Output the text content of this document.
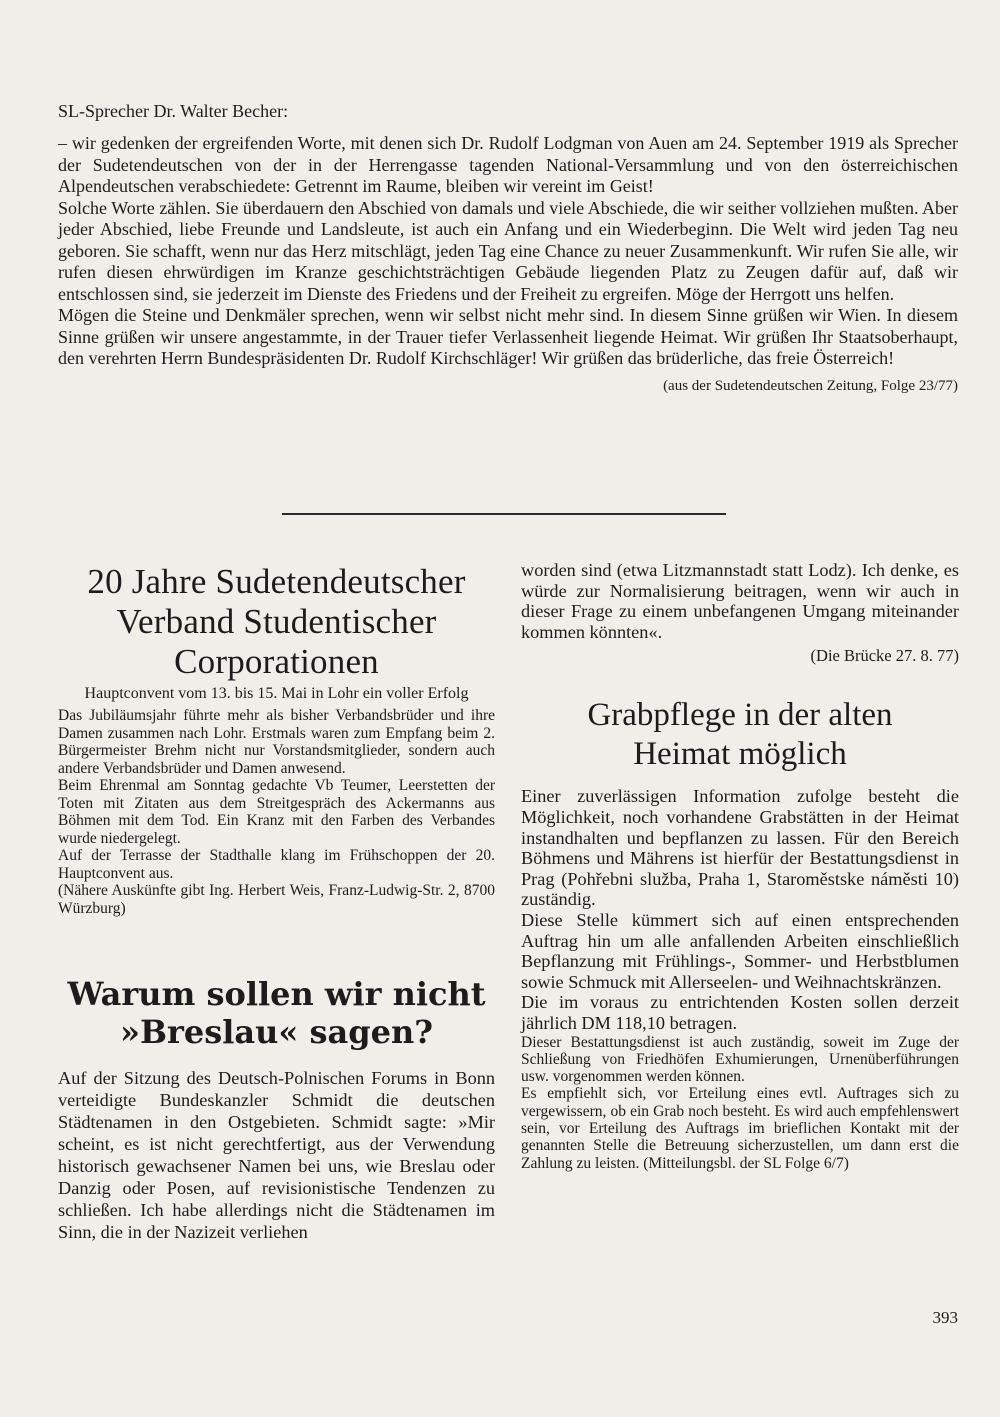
SL-Sprecher Dr. Walter Becher:

– wir gedenken der ergreifenden Worte, mit denen sich Dr. Rudolf Lodgman von Auen am 24. September 1919 als Sprecher der Sudetendeutschen von der in der Herrengasse tagenden National-Versammlung und von den österreichischen Alpendeutschen verabschiedete: Getrennt im Raume, bleiben wir vereint im Geist!

Solche Worte zählen. Sie überdauern den Abschied von damals und viele Abschiede, die wir seither vollziehen mußten. Aber jeder Abschied, liebe Freunde und Landsleute, ist auch ein Anfang und ein Wiederbeginn. Die Welt wird jeden Tag neu geboren. Sie schafft, wenn nur das Herz mitschlägt, jeden Tag eine Chance zu neuer Zusammenkunft. Wir rufen Sie alle, wir rufen diesen ehrwürdigen im Kranze geschichtsträchtigen Gebäude liegenden Platz zu Zeugen dafür auf, daß wir entschlossen sind, sie jederzeit im Dienste des Friedens und der Freiheit zu ergreifen. Möge der Herrgott uns helfen.

Mögen die Steine und Denkmäler sprechen, wenn wir selbst nicht mehr sind. In diesem Sinne grüßen wir Wien. In diesem Sinne grüßen wir unsere angestammte, in der Trauer tiefer Verlassenheit liegende Heimat. Wir grüßen Ihr Staatsoberhaupt, den verehrten Herrn Bundespräsidenten Dr. Rudolf Kirchschläger! Wir grüßen das brüderliche, das freie Österreich!

(aus der Sudetendeutschen Zeitung, Folge 23/77)

20 Jahre Sudetendeutscher Verband Studentischer Corporationen

Hauptconvent vom 13. bis 15. Mai in Lohr ein voller Erfolg

Das Jubiläumsjahr führte mehr als bisher Verbandsbrüder und ihre Damen zusammen nach Lohr. Erstmals waren zum Empfang beim 2. Bürgermeister Brehm nicht nur Vorstandsmitglieder, sondern auch andere Verbandsbrüder und Damen anwesend.

Beim Ehrenmal am Sonntag gedachte Vb Teumer, Leerstetten der Toten mit Zitaten aus dem Streitgespräch des Ackermanns aus Böhmen mit dem Tod. Ein Kranz mit den Farben des Verbandes wurde niedergelegt.

Auf der Terrasse der Stadthalle klang im Frühschoppen der 20. Hauptconvent aus.

(Nähere Auskünfte gibt Ing. Herbert Weis, Franz-Ludwig-Str. 2, 8700 Würzburg)

Warum sollen wir nicht
»Breslau« sagen?

Auf der Sitzung des Deutsch-Polnischen Forums in Bonn verteidigte Bundeskanzler Schmidt die deutschen Städtenamen in den Ostgebieten. Schmidt sagte: »Mir scheint, es ist nicht gerechtfertigt, aus der Verwendung historisch gewachsener Namen bei uns, wie Breslau oder Danzig oder Posen, auf revisionistische Tendenzen zu schließen. Ich habe allerdings nicht die Städtenamen im Sinn, die in der Nazizeit verliehen

worden sind (etwa Litzmannstadt statt Lodz). Ich denke, es würde zur Normalisierung beitragen, wenn wir auch in dieser Frage zu einem unbefangenen Umgang miteinander kommen könnten«.

(Die Brücke 27. 8. 77)

Grabpflege in der alten
Heimat möglich

Einer zuverlässigen Information zufolge besteht die Möglichkeit, noch vorhandene Grabstätten in der Heimat instandhalten und bepflanzen zu lassen. Für den Bereich Böhmens und Mährens ist hierfür der Bestattungsdienst in Prag (Pohřebni služba, Praha 1, Staroměstske náměsti 10) zuständig.

Diese Stelle kümmert sich auf einen entsprechenden Auftrag hin um alle anfallenden Arbeiten einschließlich Bepflanzung mit Frühlings-, Sommer- und Herbstblumen sowie Schmuck mit Allerseelen- und Weihnachtskränzen.

Die im voraus zu entrichtenden Kosten sollen derzeit jährlich DM 118,10 betragen.

Dieser Bestattungsdienst ist auch zuständig, soweit im Zuge der Schließung von Friedhöfen Exhumierungen, Urnenüberführungen usw. vorgenommen werden können.

Es empfiehlt sich, vor Erteilung eines evtl. Auftrages sich zu vergewissern, ob ein Grab noch besteht. Es wird auch empfehlenswert sein, vor Erteilung des Auftrags im brieflichen Kontakt mit der genannten Stelle die Betreuung sicherzustellen, um dann erst die Zahlung zu leisten. (Mitteilungsbl. der SL Folge 6/7)

393
